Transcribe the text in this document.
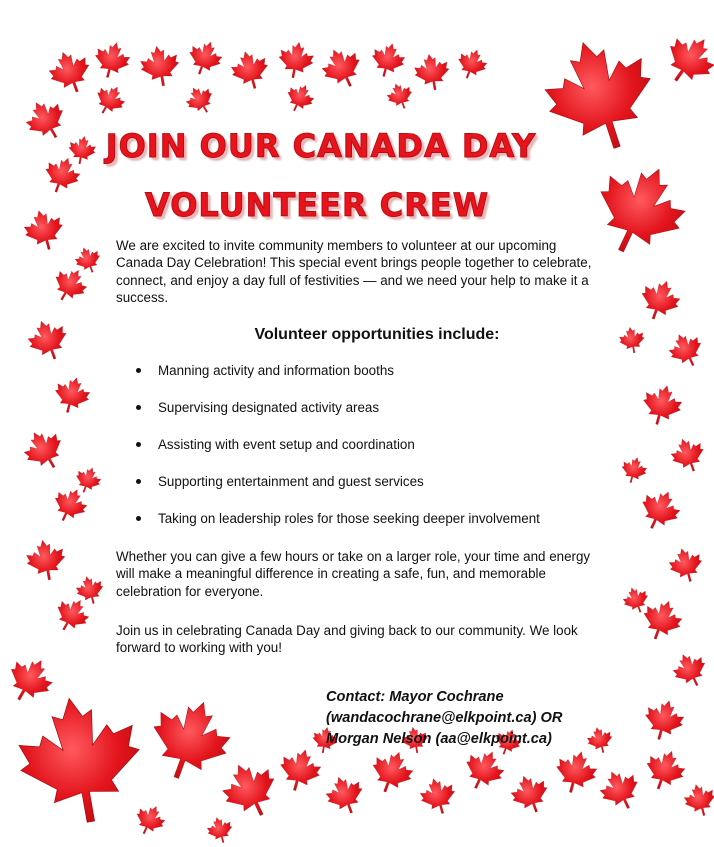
JOIN OUR CANADA DAY
VOLUNTEER CREW
We are excited to invite community members to volunteer at our upcoming Canada Day Celebration! This special event brings people together to celebrate, connect, and enjoy a day full of festivities — and we need your help to make it a success.
Volunteer opportunities include:
Manning activity and information booths
Supervising designated activity areas
Assisting with event setup and coordination
Supporting entertainment and guest services
Taking on leadership roles for those seeking deeper involvement
Whether you can give a few hours or take on a larger role, your time and energy will make a meaningful difference in creating a safe, fun, and memorable celebration for everyone.
Join us in celebrating Canada Day and giving back to our community. We look forward to working with you!
Contact: Mayor Cochrane
(wandacochrane@elkpoint.ca) OR
Morgan Nelson (aa@elkpoint.ca)
